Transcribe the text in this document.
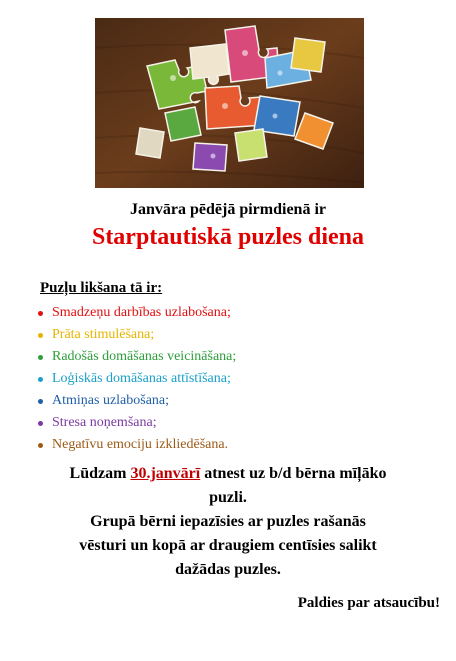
Janvāra pēdējā pirmdienā ir
Starptautiskā puzles diena
Puzļu likšana tā ir:
Smadzeņu darbības uzlabošana;
Prāta stimulēšana;
Radošās domāšanas veicināšana;
Loģiskās domāšanas attīstīšana;
Atmiņas uzlabošana;
Stresa noņemšana;
Negatīvu emociju izkliedēšana.

Lūdzam 30.janvārī atnest uz b/d bērna mīļāko

puzli.

Grupā bērni iepazīsies ar puzles rašanās

vēsturi un kopā ar draugiem centīsies salikt

dažādas puzles.

Paldies par atsaucību!
